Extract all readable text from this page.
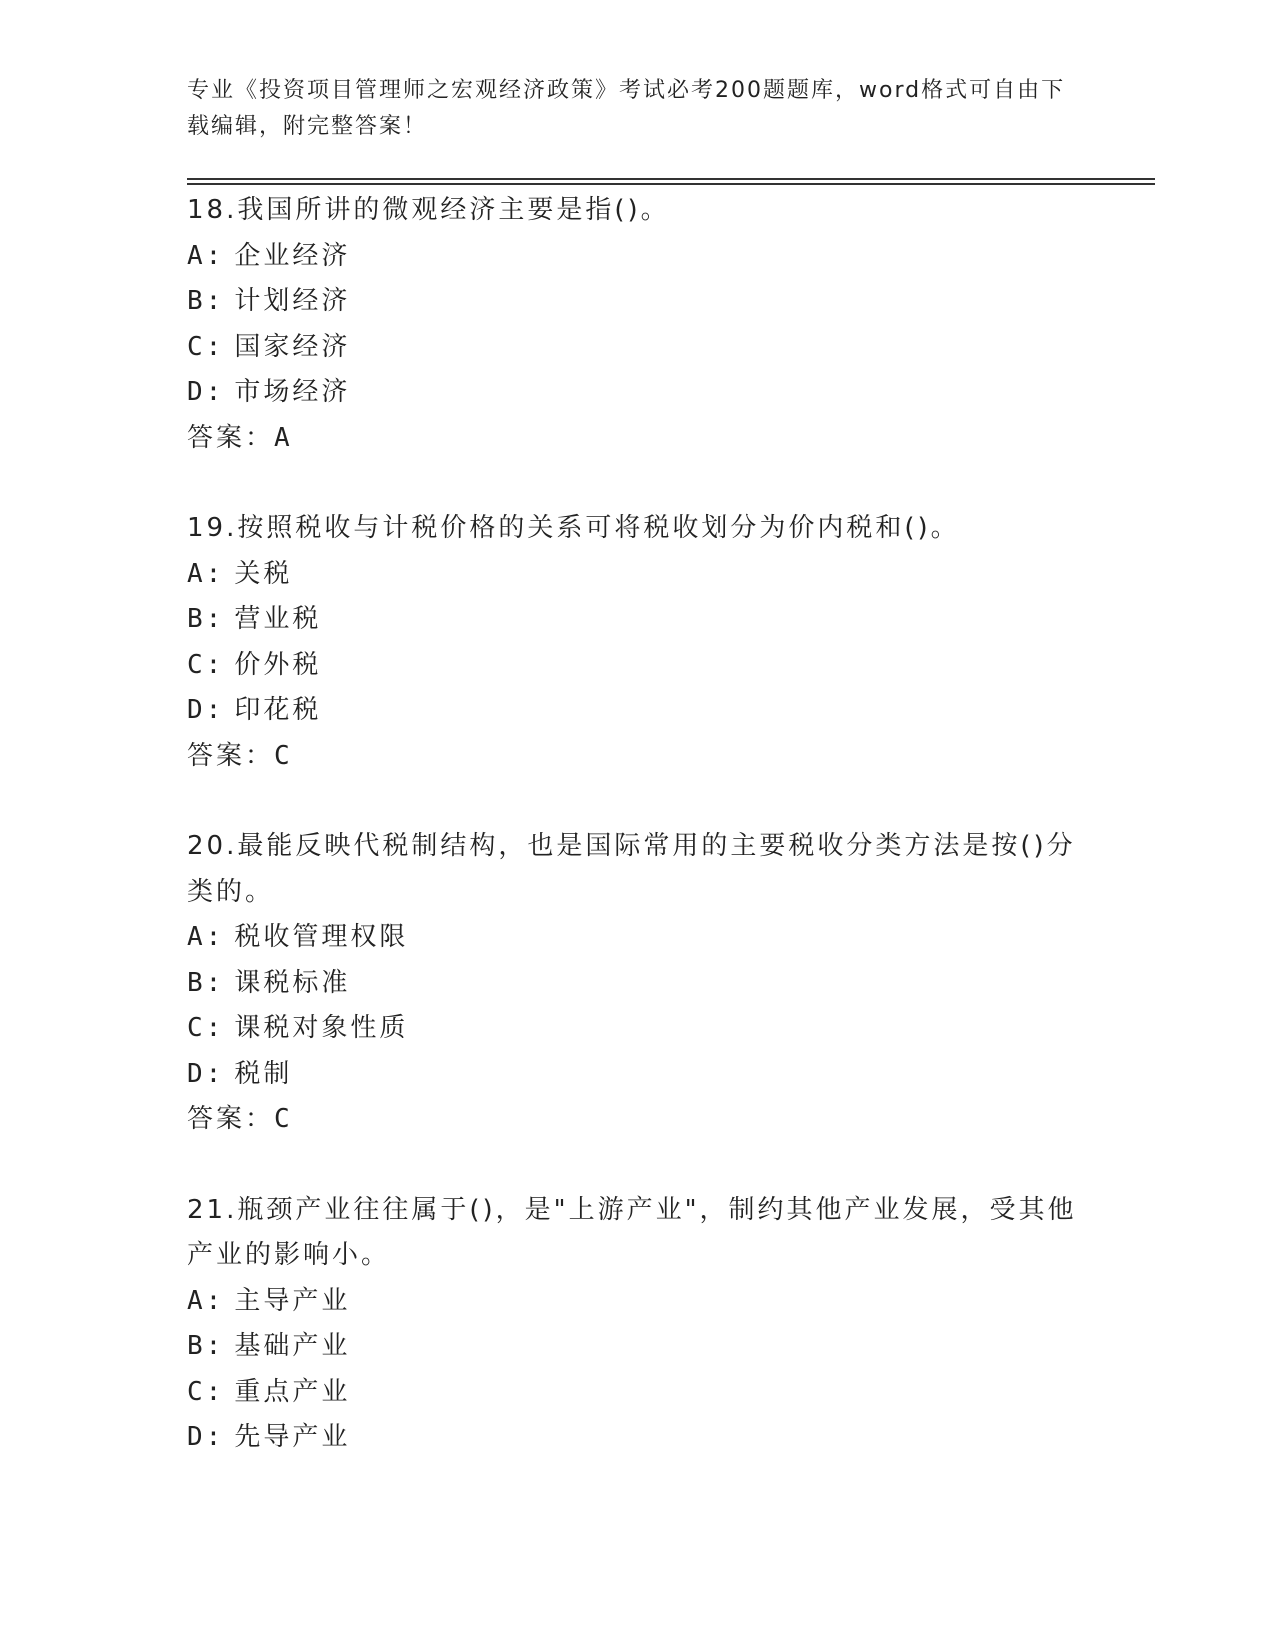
专业《投资项目管理师之宏观经济政策》考试必考200题题库，word格式可自由下载编辑，附完整答案！

18.我国所讲的微观经济主要是指()。

A: 企业经济

B: 计划经济

C: 国家经济

D: 市场经济

答案：A

19.按照税收与计税价格的关系可将税收划分为价内税和()。

A: 关税

B: 营业税

C: 价外税

D: 印花税

答案：C

20.最能反映代税制结构，也是国际常用的主要税收分类方法是按()分类的。

A: 税收管理权限

B: 课税标准

C: 课税对象性质

D: 税制

答案：C

21.瓶颈产业往往属于()，是"上游产业"，制约其他产业发展，受其他产业的影响小。

A: 主导产业

B: 基础产业

C: 重点产业

D: 先导产业
